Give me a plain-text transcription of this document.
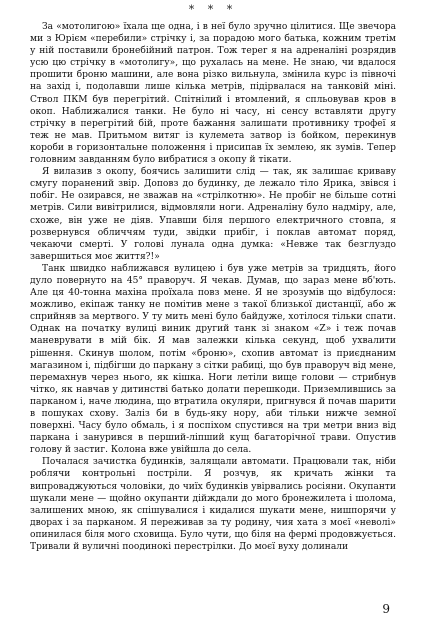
* * *

За «мотолигою» їхала ще одна, і в неї було зручно цілитися. Ще звечора ми з Юрієм «перебили» стрічку і, за порадою мого батька, кожним третім у ній поставили бронебійний патрон. Тож теper я на адреналіні розрядив усю цю стрічку в «мотолигу», що рухалась на мене. Не знаю, чи вдалося прошити броню машини, але вона різко вильнула, змінила курс із півночі на захід і, подолавши лише кілька метрів, підірвалася на танковій міні. Ствол ПКМ був перегрітий. Спітнілий і втомлений, я спльовував кров в окоп. Наближалися танки. Не було ні часу, ні сенсу вставляти другу стрічку в перегрітий бій, проте бажання залишати противнику трофеї я теж не мав. Притьмом витяг із кулемета затвор із бойком, перекинув короби в горизонтальне положення і присипав їх землею, як зумів. Тепер головним завданням було вибратися з окопу й тікати.

Я вилазив з окопу, боячись залишити слід — так, як залишає криваву смугу поранений звір. Доповз до будинку, де лежало тіло Ярика, звівся і побіг. Не озирався, не зважав на «стрілкотню». Не пробіг не більше сотні метрів. Сили вивітрилися, відмовляли ноги. Адреналіну було надміру, але, схоже, він уже не діяв. Упавши біля першого електричного стовпа, я розвернувся обличчям туди, звідки прибіг, і поклав автомат поряд, чекаючи смерті. У голові лунала одна думка: «Невже так безглуздо завершиться моє життя?!»

Танк швидко наближався вулицею і був уже метрів за тридцять, його дуло повернуто на 45° праворуч. Я чекав. Думав, що зараз мене вб'ють. Але ця 40-тонна махіна проїхала повз мене. Я не зрозумів що відбулося: можливо, екіпаж танку не помітив мене з такої близької дистанції, або ж сприйняв за мертвого. У ту мить мені було байдуже, хотілося тільки спати. Однак на початку вулиці виник другий танк зі знаком «Z» і теж почав маневрувати в мій бік. Я мав залежки кілька секунд, щоб ухвалити рішення. Скинув шолом, потім «броню», схопив автомат із приєднаним магазином і, підбігши до паркану з сітки рабиці, що був праворуч від мене, перемахнув через нього, як кішка. Ноги летіли вище голови — стрибнув чітко, як навчав у дитинстві батько долати перешкоди. Приземлившись за парканом і, наче людина, що втратила окуляри, пригнувся й почав шарити в пошуках схову. Заліз би в будь-яку нору, аби тільки нижче земної поверхні. Часу було обмаль, і я поспіхом спустився на три метри вниз від паркана і занурився в перший-ліпший кущ багаторічної трави. Опустив голову й застиг. Колона вже увійшла до села.

Почалася зачистка будинків, залящали автомати. Працювали так, ніби роблячи контрольні постріли. Я розчув, як кричать жінки та випроваджуються чоловіки, до чиїх будинків увірвались росіяни. Окупанти шукали мене — щойно окупанти дійждали до мого бронежилета і шолома, залишених мною, як спішувалися і кидалися шукати мене, нишпорячи у дворах і за парканом. Я переживав за ту родину, чия хата з моєї «неволі» опинилася біля мого сховища. Було чути, що біля на фермі продовжується. Тривали й вуличні поодинокі перестрілки. До моєї вуху долинали

9
